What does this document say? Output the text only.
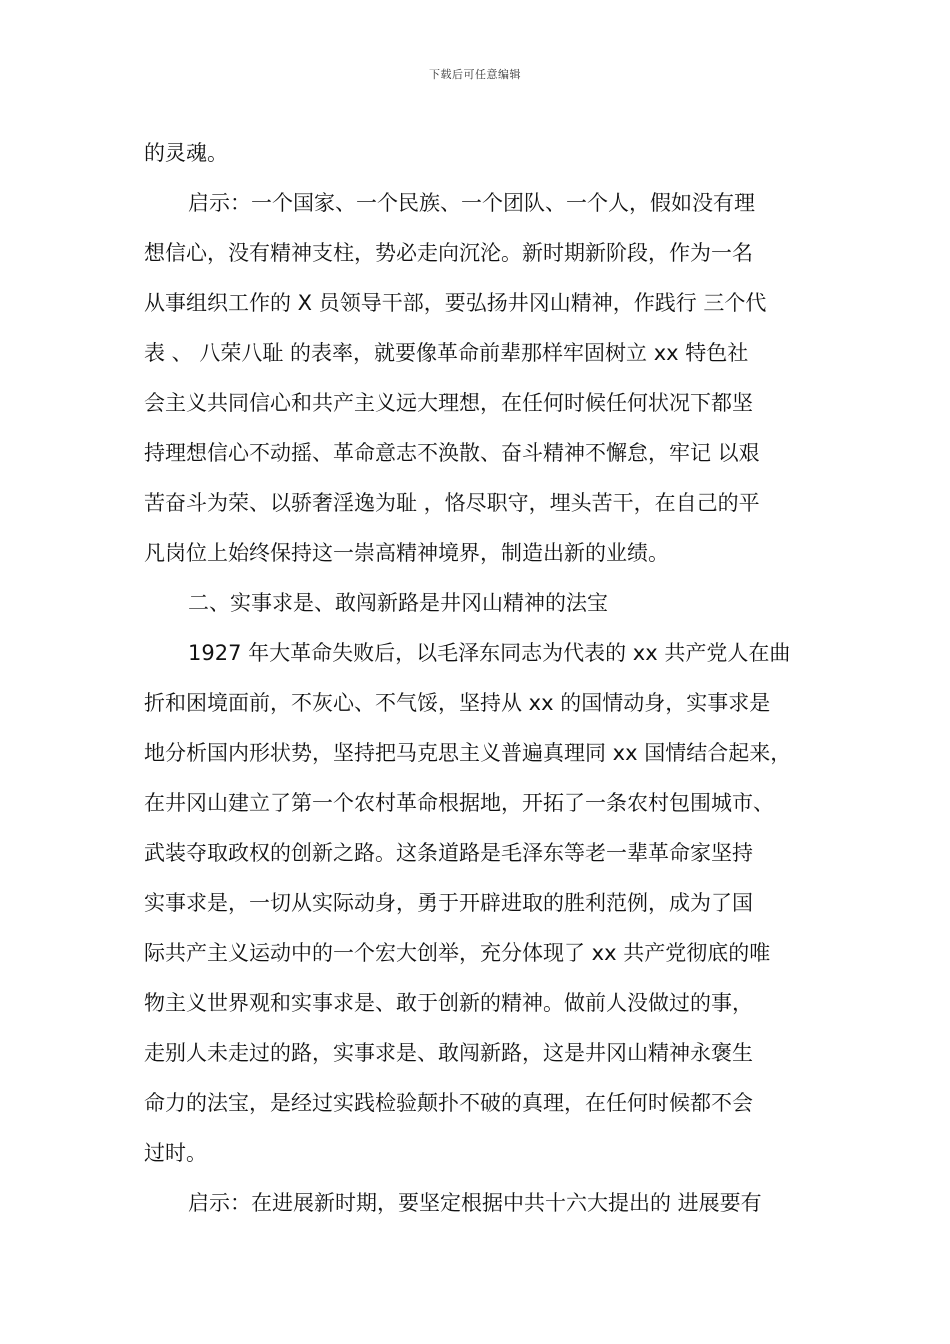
下载后可任意编辑
的灵魂。
启示：一个国家、一个民族、一个团队、一个人，假如没有理
想信心，没有精神支柱，势必走向沉沦。新时期新阶段，作为一名
从事组织工作的 X 员领导干部，要弘扬井冈山精神，作践行 三个代
表 、 八荣八耻 的表率，就要像革命前辈那样牢固树立 xx 特色社
会主义共同信心和共产主义远大理想，在任何时候任何状况下都坚
持理想信心不动摇、革命意志不涣散、奋斗精神不懈怠，牢记 以艰
苦奋斗为荣、以骄奢淫逸为耻 ，恪尽职守，埋头苦干，在自己的平
凡岗位上始终保持这一崇高精神境界，制造出新的业绩。
二、实事求是、敢闯新路是井冈山精神的法宝
1927 年大革命失败后，以毛泽东同志为代表的 xx 共产党人在曲
折和困境面前，不灰心、不气馁，坚持从 xx 的国情动身，实事求是
地分析国内形状势，坚持把马克思主义普遍真理同 xx 国情结合起来，
在井冈山建立了第一个农村革命根据地，开拓了一条农村包围城市、
武装夺取政权的创新之路。这条道路是毛泽东等老一辈革命家坚持
实事求是，一切从实际动身，勇于开辟进取的胜利范例，成为了国
际共产主义运动中的一个宏大创举，充分体现了 xx 共产党彻底的唯
物主义世界观和实事求是、敢于创新的精神。做前人没做过的事，
走别人未走过的路，实事求是、敢闯新路，这是井冈山精神永褒生
命力的法宝，是经过实践检验颠扑不破的真理，在任何时候都不会
过时。
启示：在进展新时期，要坚定根据中共十六大提出的 进展要有
